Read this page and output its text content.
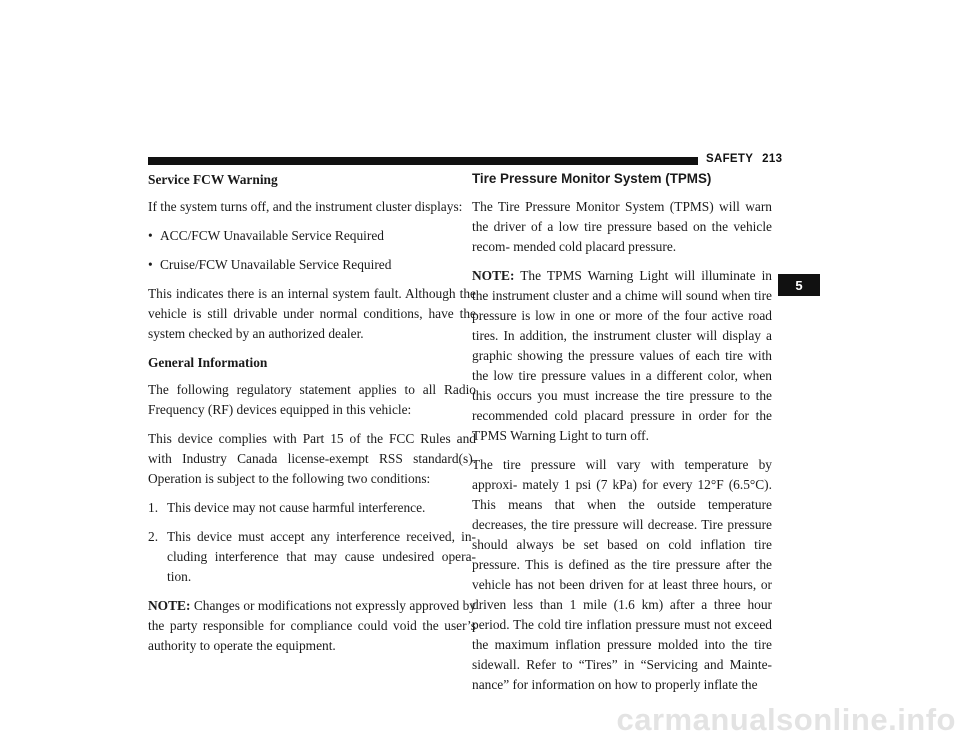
SAFETY 213
5

Service FCW Warning

If the system turns off, and the instrument cluster displays:

• ACC/FCW Unavailable Service Required
• Cruise/FCW Unavailable Service Required

This indicates there is an internal system fault. Although the vehicle is still drivable under normal conditions, have the system checked by an authorized dealer.

General Information

The following regulatory statement applies to all Radio Frequency (RF) devices equipped in this vehicle:

This device complies with Part 15 of the FCC Rules and with Industry Canada license-exempt RSS standard(s). Operation is subject to the following two conditions:

1. This device may not cause harmful interference.
2. This device must accept any interference received, in- cluding interference that may cause undesired opera- tion.

NOTE: Changes or modifications not expressly approved by the party responsible for compliance could void the user’s authority to operate the equipment.

Tire Pressure Monitor System (TPMS)

The Tire Pressure Monitor System (TPMS) will warn the driver of a low tire pressure based on the vehicle recom- mended cold placard pressure.

NOTE: The TPMS Warning Light will illuminate in the instrument cluster and a chime will sound when tire pressure is low in one or more of the four active road tires. In addition, the instrument cluster will display a graphic showing the pressure values of each tire with the low tire pressure values in a different color, when this occurs you must increase the tire pressure to the recommended cold placard pressure in order for the TPMS Warning Light to turn off.

The tire pressure will vary with temperature by approxi- mately 1 psi (7 kPa) for every 12°F (6.5°C). This means that when the outside temperature decreases, the tire pressure will decrease. Tire pressure should always be set based on cold inflation tire pressure. This is defined as the tire pressure after the vehicle has not been driven for at least three hours, or driven less than 1 mile (1.6 km) after a three hour period. The cold tire inflation pressure must not exceed the maximum inflation pressure molded into the tire sidewall. Refer to “Tires” in “Servicing and Mainte- nance” for information on how to properly inflate the

carmanualsonline.info
